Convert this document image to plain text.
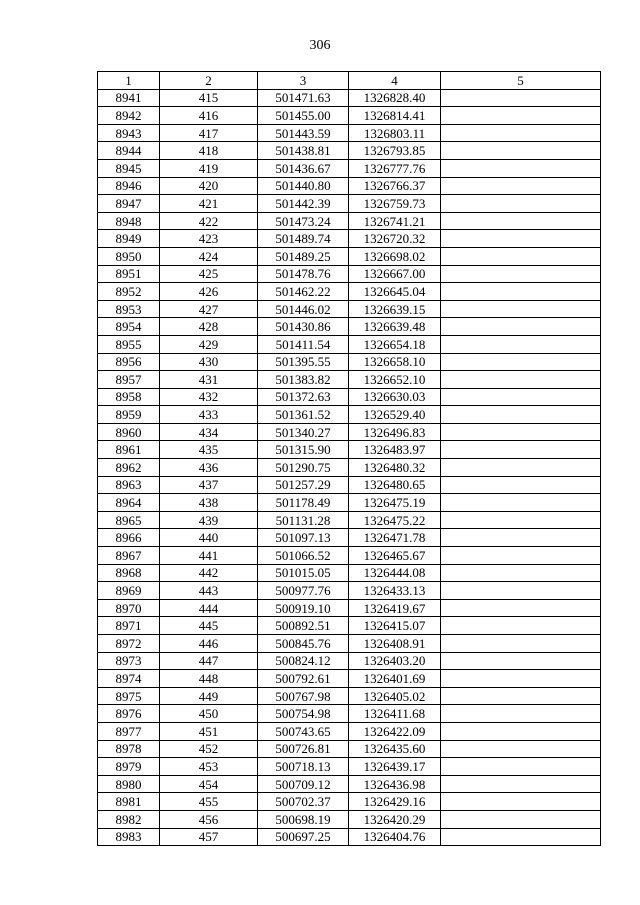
306
1	2	3	4	5
8941	415	501471.63	1326828.40	
8942	416	501455.00	1326814.41	
8943	417	501443.59	1326803.11	
8944	418	501438.81	1326793.85	
8945	419	501436.67	1326777.76	
8946	420	501440.80	1326766.37	
8947	421	501442.39	1326759.73	
8948	422	501473.24	1326741.21	
8949	423	501489.74	1326720.32	
8950	424	501489.25	1326698.02	
8951	425	501478.76	1326667.00	
8952	426	501462.22	1326645.04	
8953	427	501446.02	1326639.15	
8954	428	501430.86	1326639.48	
8955	429	501411.54	1326654.18	
8956	430	501395.55	1326658.10	
8957	431	501383.82	1326652.10	
8958	432	501372.63	1326630.03	
8959	433	501361.52	1326529.40	
8960	434	501340.27	1326496.83	
8961	435	501315.90	1326483.97	
8962	436	501290.75	1326480.32	
8963	437	501257.29	1326480.65	
8964	438	501178.49	1326475.19	
8965	439	501131.28	1326475.22	
8966	440	501097.13	1326471.78	
8967	441	501066.52	1326465.67	
8968	442	501015.05	1326444.08	
8969	443	500977.76	1326433.13	
8970	444	500919.10	1326419.67	
8971	445	500892.51	1326415.07	
8972	446	500845.76	1326408.91	
8973	447	500824.12	1326403.20	
8974	448	500792.61	1326401.69	
8975	449	500767.98	1326405.02	
8976	450	500754.98	1326411.68	
8977	451	500743.65	1326422.09	
8978	452	500726.81	1326435.60	
8979	453	500718.13	1326439.17	
8980	454	500709.12	1326436.98	
8981	455	500702.37	1326429.16	
8982	456	500698.19	1326420.29	
8983	457	500697.25	1326404.76	
